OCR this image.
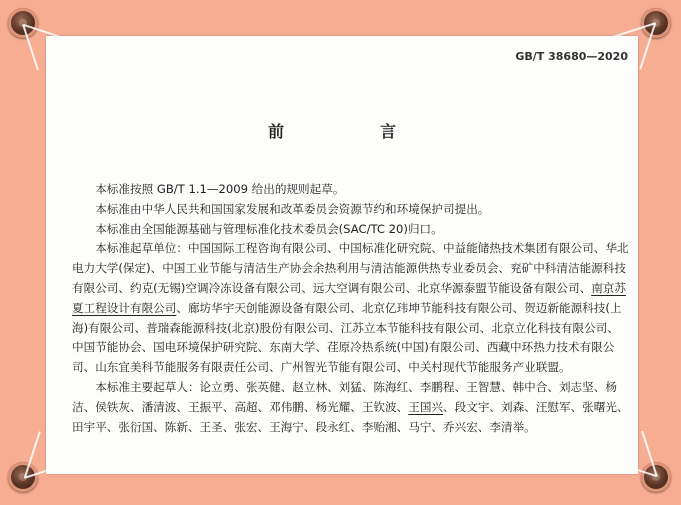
GB/T 38680—2020
前　言

本标准按照 GB/T 1.1—2009 给出的规则起草。

本标准由中华人民共和国国家发展和改革委员会资源节约和环境保护司提出。

本标准由全国能源基础与管理标准化技术委员会(SAC/TC 20)归口。

本标准起草单位：中国国际工程咨询有限公司、中国标准化研究院、中益能储热技术集团有限公司、华北电力大学(保定)、中国工业节能与清洁生产协会余热利用与清洁能源供热专业委员会、兖矿中科清洁能源科技有限公司、约克(无锡)空调冷冻设备有限公司、远大空调有限公司、北京华源泰盟节能设备有限公司、南京苏夏工程设计有限公司、廊坊华宇天创能源设备有限公司、北京亿玮坤节能科技有限公司、贺迈新能源科技(上海)有限公司、普瑞森能源科技(北京)股份有限公司、江苏立本节能科技有限公司、北京立化科技有限公司、中国节能协会、国电环境保护研究院、东南大学、荏原冷热系统(中国)有限公司、西藏中环热力技术有限公司、山东宜美科节能服务有限责任公司、广州智光节能有限公司、中关村现代节能服务产业联盟。

本标准主要起草人：论立勇、张英健、赵立林、刘猛、陈海红、李鹏程、王智慧、韩中合、刘志坚、杨洁、侯铁灰、潘清波、王振平、高超、邓伟鹏、杨光耀、王钦波、王国兴、段文宇、刘森、汪慰军、张曙光、田宇平、张衍国、陈新、王圣、张宏、王海宁、段永红、李贻湘、马宁、乔兴宏、李清举。
